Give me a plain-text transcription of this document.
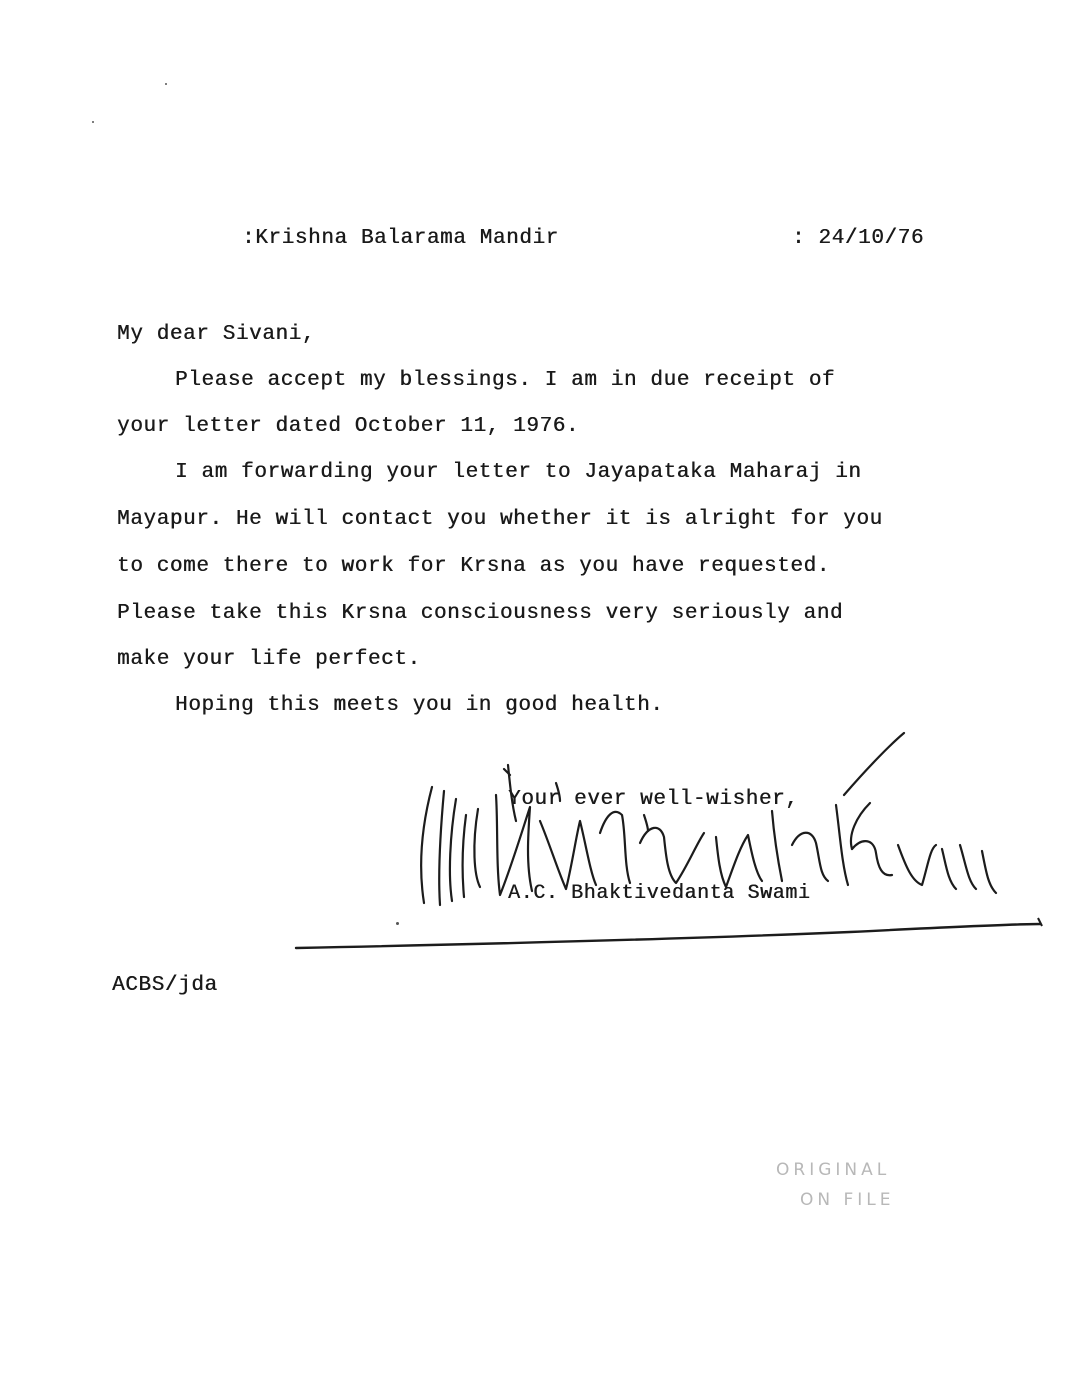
:Krishna Balarama Mandir	: 24/10/76
My dear Sivani,
Please accept my blessings. I am in due receipt of
your letter dated October 11, 1976.
I am forwarding your letter to Jayapataka Maharaj in
Mayapur. He will contact you whether it is alright for you
to come there to work for Krsna as you have requested.
Please take this Krsna consciousness very seriously and
make your life perfect.
Hoping this meets you in good health.
Your ever well-wisher,
A.C. Bhaktivedanta Swami
ACBS/jda
ORIGINAL
ON FILE
